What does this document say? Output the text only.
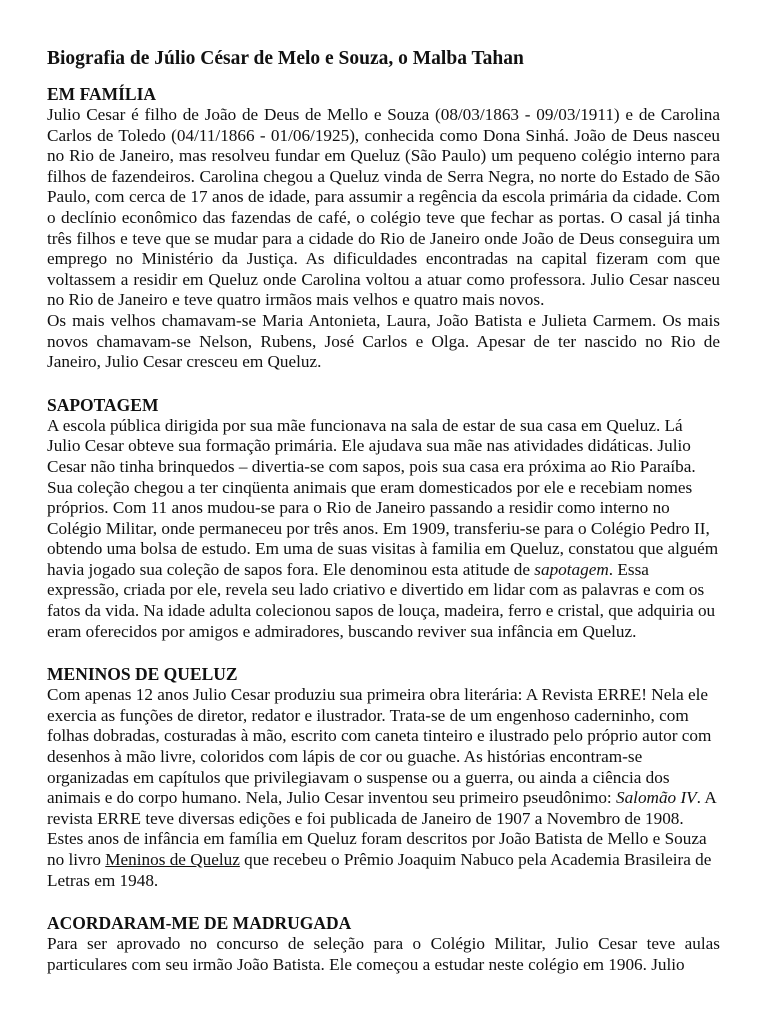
Biografia de Júlio César de Melo e Souza, o Malba Tahan
EM FAMÍLIA

Julio Cesar é filho de João de Deus de Mello e Souza (08/03/1863 - 09/03/1911) e de Carolina Carlos de Toledo (04/11/1866 - 01/06/1925), conhecida como Dona Sinhá. João de Deus nasceu no Rio de Janeiro, mas resolveu fundar em Queluz (São Paulo) um pequeno colégio interno para filhos de fazendeiros. Carolina chegou a Queluz vinda de Serra Negra, no norte do Estado de São Paulo, com cerca de 17 anos de idade, para assumir a regência da escola primária da cidade. Com o declínio econômico das fazendas de café, o colégio teve que fechar as portas. O casal já tinha três filhos e teve que se mudar para a cidade do Rio de Janeiro onde João de Deus conseguira um emprego no Ministério da Justiça. As dificuldades encontradas na capital fizeram com que voltassem a residir em Queluz onde Carolina voltou a atuar como professora. Julio Cesar nasceu no Rio de Janeiro e teve quatro irmãos mais velhos e quatro mais novos.

Os mais velhos chamavam-se Maria Antonieta, Laura, João Batista e Julieta Carmem. Os mais novos chamavam-se Nelson, Rubens, José Carlos e Olga. Apesar de ter nascido no Rio de Janeiro, Julio Cesar cresceu em Queluz.

SAPOTAGEM

A escola pública dirigida por sua mãe funcionava na sala de estar de sua casa em Queluz. Lá Julio Cesar obteve sua formação primária. Ele ajudava sua mãe nas atividades didáticas. Julio Cesar não tinha brinquedos – divertia-se com sapos, pois sua casa era próxima ao Rio Paraíba. Sua coleção chegou a ter cinqüenta animais que eram domesticados por ele e recebiam nomes próprios. Com 11 anos mudou-se para o Rio de Janeiro passando a residir como interno no Colégio Militar, onde permaneceu por três anos. Em 1909, transferiu-se para o Colégio Pedro II, obtendo uma bolsa de estudo. Em uma de suas visitas à familia em Queluz, constatou que alguém havia jogado sua coleção de sapos fora. Ele denominou esta atitude de sapotagem. Essa expressão, criada por ele, revela seu lado criativo e divertido em lidar com as palavras e com os fatos da vida. Na idade adulta colecionou sapos de louça, madeira, ferro e cristal, que adquiria ou eram oferecidos por amigos e admiradores, buscando reviver sua infância em Queluz.

MENINOS DE QUELUZ

Com apenas 12 anos Julio Cesar produziu sua primeira obra literária: A Revista ERRE! Nela ele exercia as funções de diretor, redator e ilustrador. Trata-se de um engenhoso caderninho, com folhas dobradas, costuradas à mão, escrito com caneta tinteiro e ilustrado pelo próprio autor com desenhos à mão livre, coloridos com lápis de cor ou guache. As histórias encontram-se organizadas em capítulos que privilegiavam o suspense ou a guerra, ou ainda a ciência dos animais e do corpo humano. Nela, Julio Cesar inventou seu primeiro pseudônimo: Salomão IV. A revista ERRE teve diversas edições e foi publicada de Janeiro de 1907 a Novembro de 1908. Estes anos de infância em família em Queluz foram descritos por João Batista de Mello e Souza no livro Meninos de Queluz que recebeu o Prêmio Joaquim Nabuco pela Academia Brasileira de Letras em 1948.

ACORDARAM-ME DE MADRUGADA

Para ser aprovado no concurso de seleção para o Colégio Militar, Julio Cesar teve aulas particulares com seu irmão João Batista. Ele começou a estudar neste colégio em 1906. Julio
